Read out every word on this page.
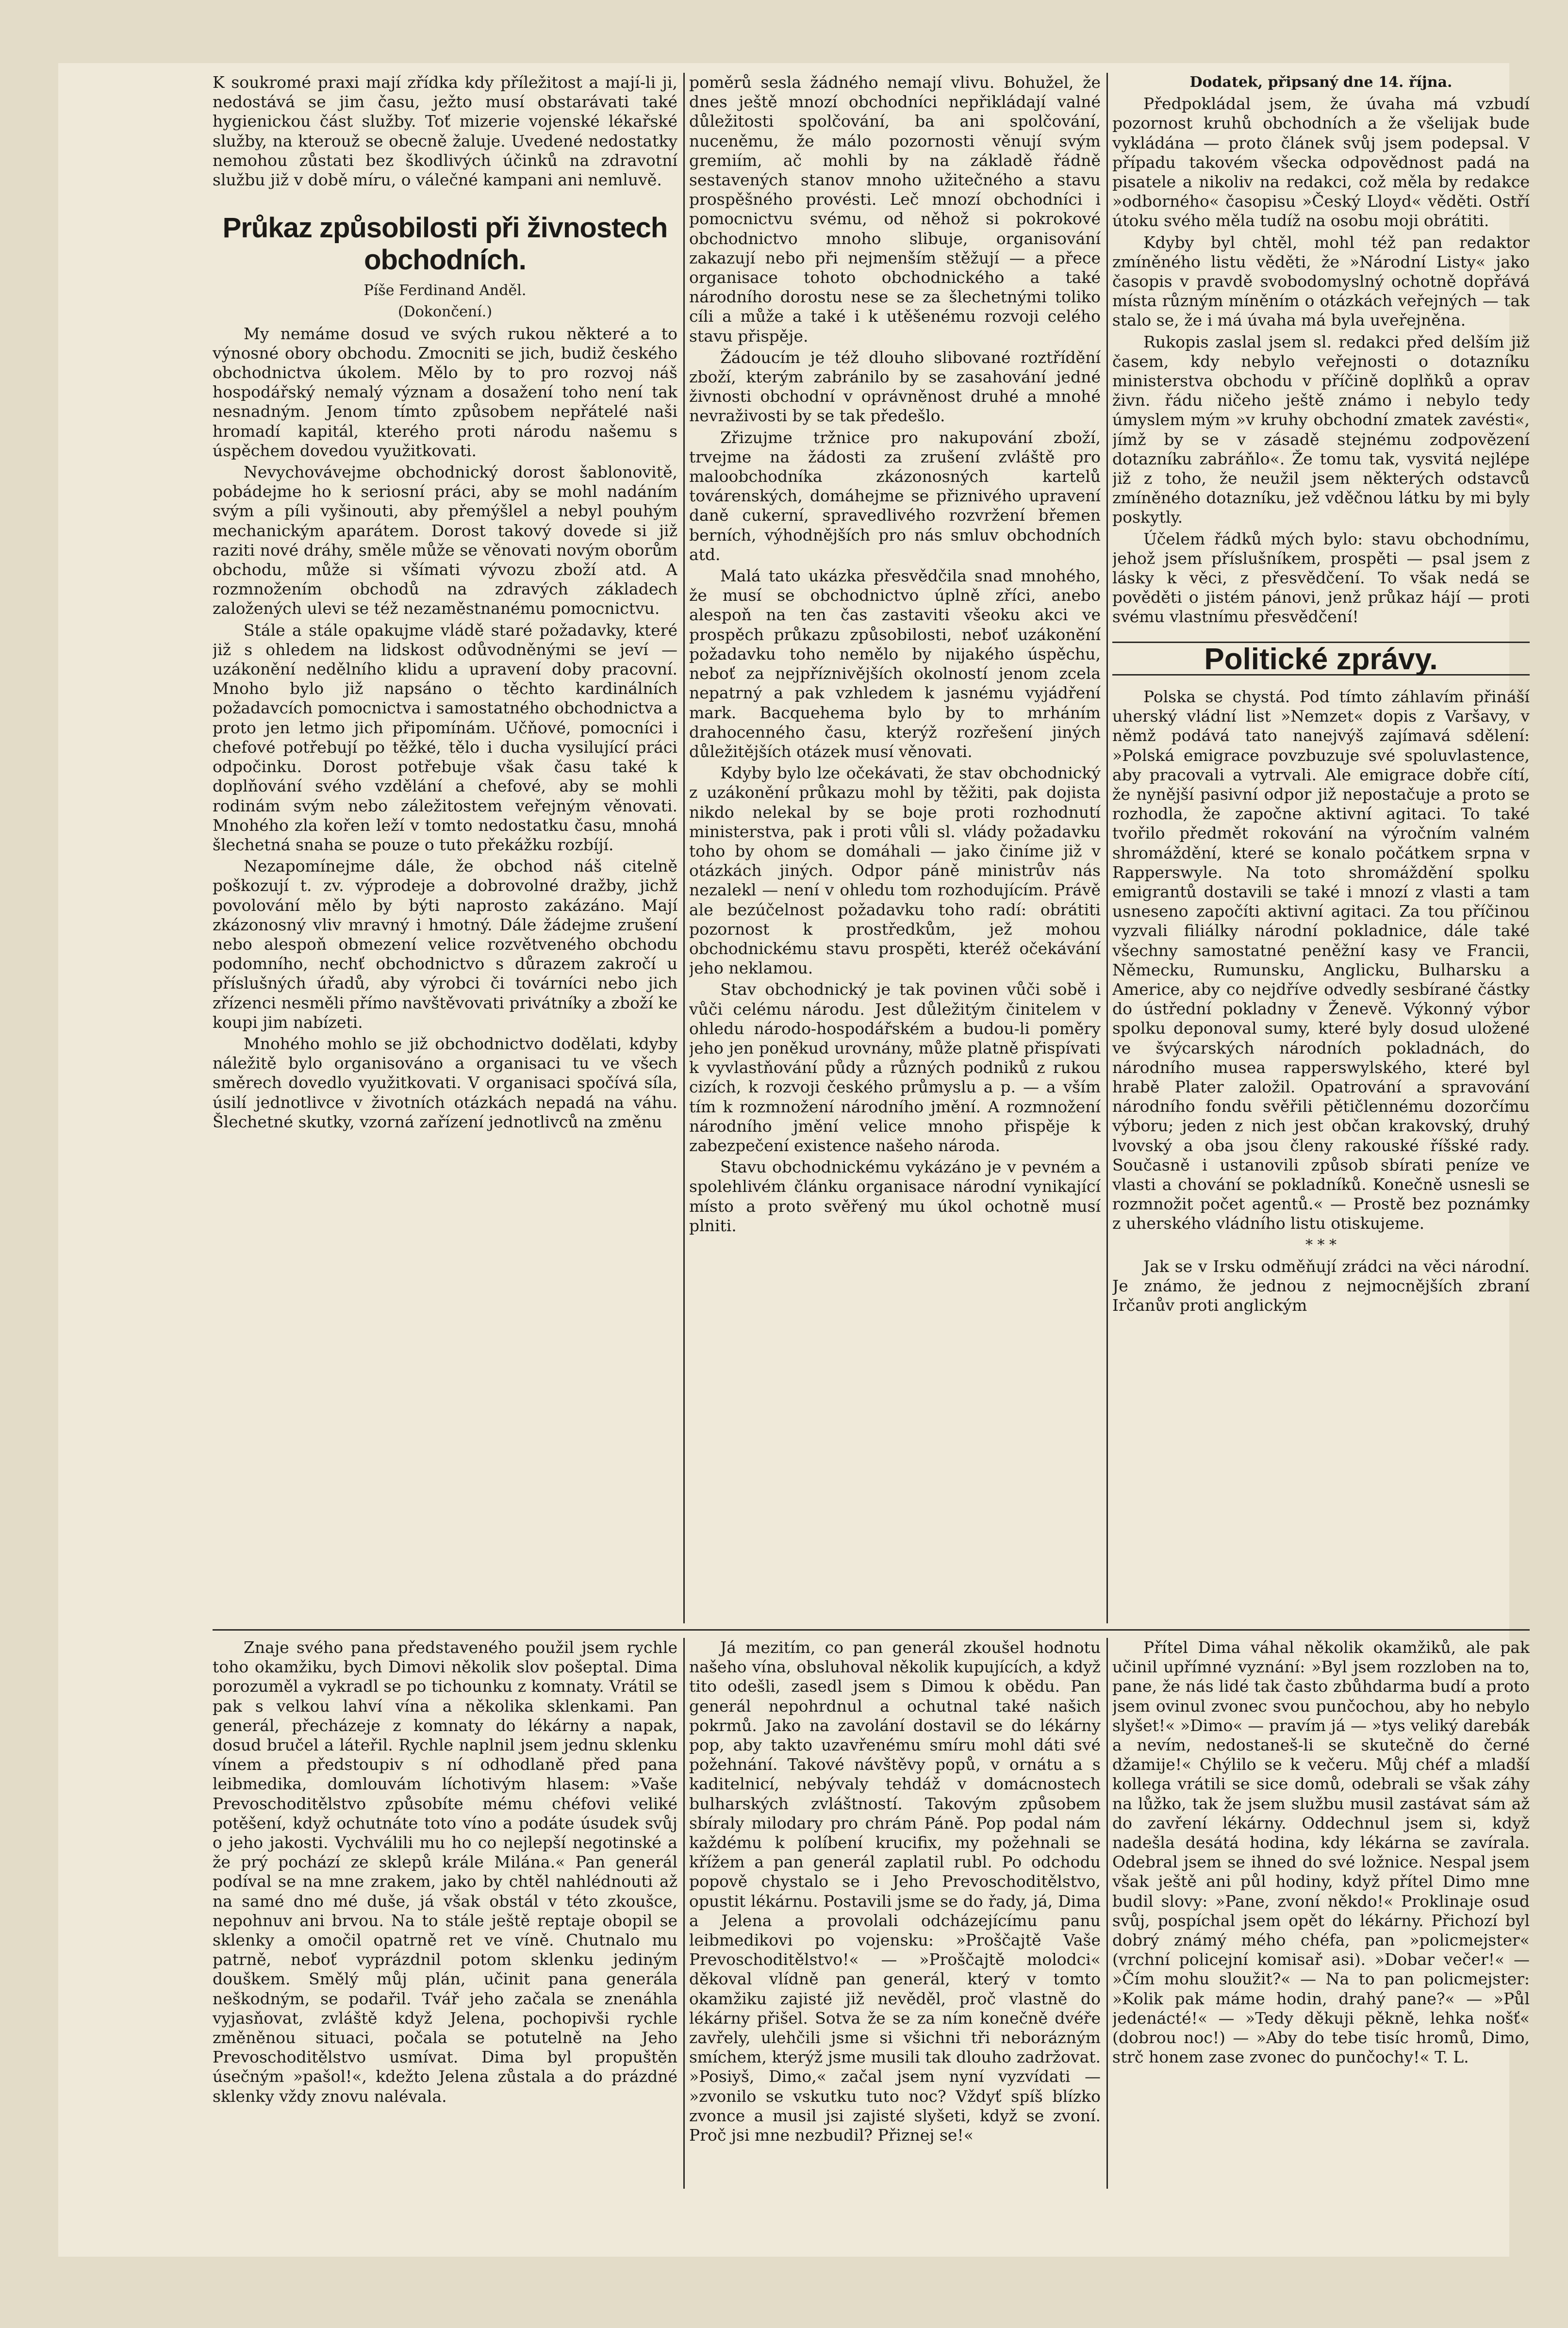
K soukromé praxi mají zřídka kdy příležitost a mají-li ji, nedostává se jim času, ježto musí obstarávati také hygienickou část služby. Toť mizerie vojenské lékařské služby, na kterouž se obecně žaluje. Uvedené nedostatky nemohou zůstati bez škodlivých účinků na zdravotní službu již v době míru, o válečné kampani ani nemluvě.

Průkaz způsobilosti při živnostech obchodních.

Píše Ferdinand Anděl.

(Dokončení.)

My nemáme dosud ve svých rukou některé a to výnosné obory obchodu. Zmocniti se jich, budiž českého obchodnictva úkolem. Mělo by to pro rozvoj náš hospodářský nemalý význam a dosažení toho není tak nesnadným. Jenom tímto způsobem nepřátelé naši hromadí kapitál, kterého proti národu našemu s úspěchem dovedou využitkovati.

Nevychovávejme obchodnický dorost šablonovitě, pobádejme ho k seriosní práci, aby se mohl nadáním svým a píli vyšinouti, aby přemýšlel a nebyl pouhým mechanickým aparátem. Dorost takový dovede si již raziti nové dráhy, směle může se věnovati novým oborům obchodu, může si všímati vývozu zboží atd. A rozmnožením obchodů na zdravých základech založených ulevi se též nezaměstnanému pomocnictvu.

Stále a stále opakujme vládě staré požadavky, které již s ohledem na lidskost odůvodněnými se jeví — uzákonění nedělního klidu a upravení doby pracovní. Mnoho bylo již napsáno o těchto kardinálních požadavcích pomocnictva i samostatného obchodnictva a proto jen letmo jich připomínám. Učňové, pomocníci i chefové potřebují po těžké, tělo i ducha vysilující práci odpočinku. Dorost potřebuje však času také k doplňování svého vzdělání a chefové, aby se mohli rodinám svým nebo záležitostem veřejným věnovati. Mnohého zla kořen leží v tomto nedostatku času, mnohá šlechetná snaha se pouze o tuto překážku rozbíjí.

Nezapomínejme dále, že obchod náš citelně poškozují t. zv. výprodeje a dobrovolné dražby, jichž povolování mělo by býti naprosto zakázáno. Mají zkázonosný vliv mravný i hmotný. Dále žádejme zrušení nebo alespoň obmezení velice rozvětveného obchodu podomního, nechť obchodnictvo s důrazem zakročí u příslušných úřadů, aby výrobci či továrníci nebo jich zřízenci nesměli přímo navštěvovati privátníky a zboží ke koupi jim nabízeti.

Mnohého mohlo se již obchodnictvo dodělati, kdyby náležitě bylo organisováno a organisaci tu ve všech směrech dovedlo využitkovati. V organisaci spočívá síla, úsilí jednotlivce v životních otázkách nepadá na váhu. Šlechetné skutky, vzorná zařízení jednotlivců na změnu

poměrů sesla žádného nemají vlivu. Bohužel, že dnes ještě mnozí obchodníci nepřikládají valné důležitosti spolčování, ba ani spolčování, nuceněmu, že málo pozornosti věnují svým gremiím, ač mohli by na základě řádně sestavených stanov mnoho užitečného a stavu prospěšného provésti. Leč mnozí obchodníci i pomocnictvu svému, od něhož si pokrokové obchodnictvo mnoho slibuje, organisování zakazují nebo při nejmenším stěžují — a přece organisace tohoto obchodnického a také národního dorostu nese se za šlechetnými toliko cíli a může a také i k utěšenému rozvoji celého stavu přispěje.

Žádoucím je též dlouho slibované roztřídění zboží, kterým zabránilo by se zasahování jedné živnosti obchodní v oprávněnost druhé a mnohé nevraživosti by se tak předešlo.

Zřizujme tržnice pro nakupování zboží, trvejme na žádosti za zrušení zvláště pro maloobchodníka zkázonosných kartelů továrenských, domáhejme se přiznivého upravení daně cukerní, spravedlivého rozvržení břemen berních, výhodnějších pro nás smluv obchodních atd.

Malá tato ukázka přesvědčila snad mnohého, že musí se obchodnictvo úplně zříci, anebo alespoň na ten čas zastaviti všeoku akci ve prospěch průkazu způsobilosti, neboť uzákonění požadavku toho nemělo by nijakého úspěchu, neboť za nejpříznivějších okolností jenom zcela nepatrný a pak vzhledem k jasnému vyjádření mark. Bacquehema bylo by to mrháním drahocenného času, kterýž rozřešení jiných důležitějších otázek musí věnovati.

Kdyby bylo lze očekávati, že stav obchodnický z uzákonění průkazu mohl by těžiti, pak dojista nikdo nelekal by se boje proti rozhodnutí ministerstva, pak i proti vůli sl. vlády požadavku toho by ohom se domáhali — jako činíme již v otázkách jiných. Odpor páně ministrův nás nezalekl — není v ohledu tom rozhodujícím. Právě ale bezúčelnost požadavku toho radí: obrátiti pozornost k prostředkům, jež mohou obchodnickému stavu prospěti, kteréž očekávání jeho neklamou.

Stav obchodnický je tak povinen vůči sobě i vůči celému národu. Jest důležitým činitelem v ohledu národo-hospodářském a budou-li poměry jeho jen poněkud urovnány, může platně přispívati k vyvlastňování půdy a různých podniků z rukou cizích, k rozvoji českého průmyslu a p. — a vším tím k rozmnožení národního jmění. A rozmnožení národního jmění velice mnoho přispěje k zabezpečení existence našeho národa.

Stavu obchodnickému vykázáno je v pevném a spolehlivém článku organisace národní vynikající místo a proto svěřený mu úkol ochotně musí plniti.

Dodatek, připsaný dne 14. října.

Předpokládal jsem, že úvaha má vzbudí pozornost kruhů obchodních a že všelijak bude vykládána — proto článek svůj jsem podepsal. V případu takovém všecka odpovědnost padá na pisatele a nikoliv na redakci, což měla by redakce »odborného« časopisu »Český Lloyd« věděti. Ostří útoku svého měla tudíž na osobu moji obrátiti.

Kdyby byl chtěl, mohl též pan redaktor zmíněného listu věděti, že »Národní Listy« jako časopis v pravdě svobodomyslný ochotně dopřává místa různým míněním o otázkách veřejných — tak stalo se, že i má úvaha má byla uveřejněna.

Rukopis zaslal jsem sl. redakci před delším již časem, kdy nebylo veřejnosti o dotazníku ministerstva obchodu v příčině doplňků a oprav živn. řádu ničeho ještě známo i nebylo tedy úmyslem mým »v kruhy obchodní zmatek zavésti«, jímž by se v zásadě stejnému zodpovězení dotazníku zabráňlo«. Že tomu tak, vysvitá nejlépe již z toho, že neužil jsem některých odstavců zmíněného dotazníku, jež vděčnou látku by mi byly poskytly.

Účelem řádků mých bylo: stavu obchodnímu, jehož jsem příslušníkem, prospěti — psal jsem z lásky k věci, z přesvědčení. To však nedá se pověděti o jistém pánovi, jenž průkaz hájí — proti svému vlastnímu přesvědčení!

Politické zprávy.

Polska se chystá. Pod tímto záhlavím přináší uherský vládní list »Nemzet« dopis z Varšavy, v němž podává tato nanejvýš zajímavá sdělení: »Polská emigrace povzbuzuje své spoluvlastence, aby pracovali a vytrvali. Ale emigrace dobře cítí, že nynější pasivní odpor již nepostačuje a proto se rozhodla, že započne aktivní agitaci. To také tvořilo předmět rokování na výročním valném shromáždění, které se konalo počátkem srpna v Rapperswyle. Na toto shromáždění spolku emigrantů dostavili se také i mnozí z vlasti a tam usneseno započíti aktivní agitaci. Za tou příčinou vyzvali filiálky národní pokladnice, dále také všechny samostatné peněžní kasy ve Francii, Německu, Rumunsku, Anglicku, Bulharsku a Americe, aby co nejdříve odvedly sesbírané částky do ústřední pokladny v Ženevě. Výkonný výbor spolku deponoval sumy, které byly dosud uložené ve švýcarských národních pokladnách, do národního musea rapperswylského, které byl hrabě Plater založil. Opatrování a spravování národního fondu svěřili pětičlennému dozorčímu výboru; jeden z nich jest občan krakovský, druhý lvovský a oba jsou členy rakouské říšské rady. Současně i ustanovili způsob sbírati peníze ve vlasti a chování se pokladníků. Konečně usnesli se rozmnožit počet agentů.« — Prostě bez poznámky z uherského vládního listu otiskujeme.

* * *

Jak se v Irsku odměňují zrádci na věci národní. Je známo, že jednou z nejmocnějších zbraní Irčanův proti anglickým

Znaje svého pana představeného použil jsem rychle toho okamžiku, bych Dimovi několik slov pošeptal. Dima porozuměl a vykradl se po tichounku z komnaty. Vrátil se pak s velkou lahví vína a několika sklenkami. Pan generál, přecházeje z komnaty do lékárny a napak, dosud bručel a láteřil. Rychle naplnil jsem jednu sklenku vínem a předstoupiv s ní odhodlaně před pana leibmedika, domlouvám líchotivým hlasem: »Vaše Prevoschoditělstvo způsobíte mému chéfovi veliké potěšení, když ochutnáte toto víno a podáte úsudek svůj o jeho jakosti. Vychválili mu ho co nejlepší negotinské a že prý pochází ze sklepů krále Milána.« Pan generál podíval se na mne zrakem, jako by chtěl nahlédnouti až na samé dno mé duše, já však obstál v této zkoušce, nepohnuv ani brvou. Na to stále ještě reptaje obopil se sklenky a omočil opatrně ret ve víně. Chutnalo mu patrně, neboť vyprázdnil potom sklenku jediným douškem. Smělý můj plán, učinit pana generála neškodným, se podařil. Tvář jeho začala se znenáhla vyjasňovat, zvláště když Jelena, pochopivši rychle změněnou situaci, počala se potutelně na Jeho Prevoschoditělstvo usmívat. Dima byl propuštěn úsečným »pašol!«, kdežto Jelena zůstala a do prázdné sklenky vždy znovu nalévala.

Já mezitím, co pan generál zkoušel hodnotu našeho vína, obsluhoval několik kupujících, a když tito odešli, zasedl jsem s Dimou k obědu. Pan generál nepohrdnul a ochutnal také našich pokrmů. Jako na zavolání dostavil se do lékárny pop, aby takto uzavřenému smíru mohl dáti své požehnání. Takové návštěvy popů, v ornátu a s kaditelnicí, nebývaly tehdáž v domácnostech bulharských zvláštností. Takovým způsobem sbíraly milodary pro chrám Páně. Pop podal nám každému k políbení krucifix, my požehnali se křížem a pan generál zaplatil rubl. Po odchodu popově chystalo se i Jeho Prevoschoditělstvo, opustit lékárnu. Postavili jsme se do řady, já, Dima a Jelena a provolali odcházejícímu panu leibmedikovi po vojensku: »Proščajtě Vaše Prevoschoditělstvo!« — »Proščajtě molodci« děkoval vlídně pan generál, který v tomto okamžiku zajisté již nevěděl, proč vlastně do lékárny přišel. Sotva že se za ním konečně dvéře zavřely, ulehčili jsme si všichni tři neborázným smíchem, kterýž jsme musili tak dlouho zadržovat. »Posiyš, Dimo,« začal jsem nyní vyzvídati — »zvonilo se vskutku tuto noc? Vždyť spíš blízko zvonce a musil jsi zajisté slyšeti, když se zvoní. Proč jsi mne nezbudil? Přiznej se!«

Přítel Dima váhal několik okamžiků, ale pak učinil upřímné vyznání: »Byl jsem rozzloben na to, pane, že nás lidé tak často zbůhdarma budí a proto jsem ovinul zvonec svou punčochou, aby ho nebylo slyšet!« »Dimo« — pravím já — »tys veliký darebák a nevím, nedostaneš-li se skutečně do černé džamije!« Chýlilo se k večeru. Můj chéf a mladší kollega vrátili se sice domů, odebrali se však záhy na lůžko, tak že jsem službu musil zastávat sám až do zavření lékárny. Oddechnul jsem si, když nadešla desátá hodina, kdy lékárna se zavírala. Odebral jsem se ihned do své ložnice. Nespal jsem však ještě ani půl hodiny, když přítel Dimo mne budil slovy: »Pane, zvoní někdo!« Proklinaje osud svůj, pospíchal jsem opět do lékárny. Přichozí byl dobrý známý mého chéfa, pan »policmejster« (vrchní policejní komisař asi). »Dobar večer!« — »Čím mohu sloužit?« — Na to pan policmejster: »Kolik pak máme hodin, drahý pane?« — »Půl jedenácté!« — »Tedy děkuji pěkně, lehka nošť« (dobrou noc!) — »Aby do tebe tisíc hromů, Dimo, strč honem zase zvonec do punčochy!« T. L.
